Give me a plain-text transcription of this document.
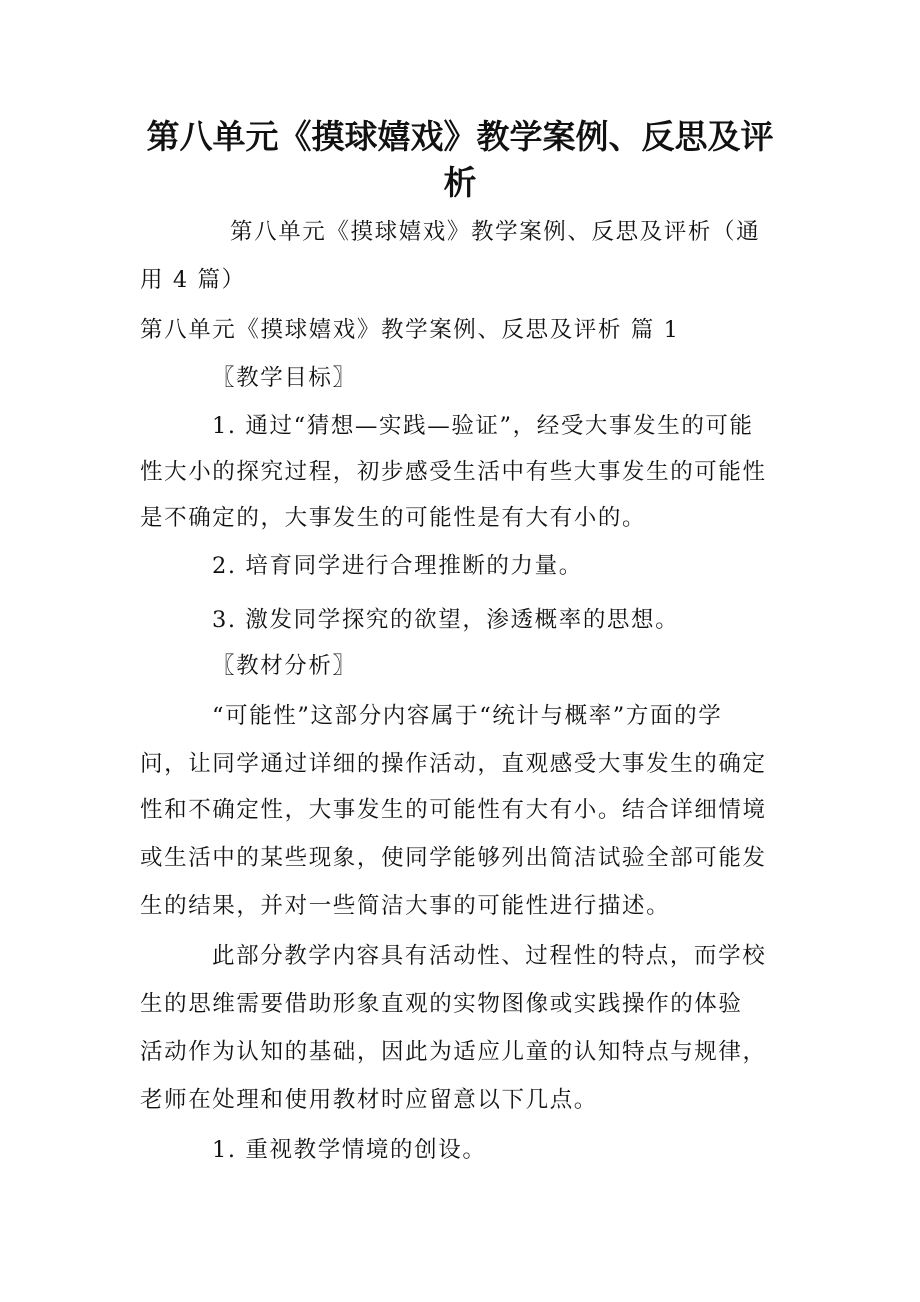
第八单元《摸球嬉戏》教学案例、反思及评
析
第八单元《摸球嬉戏》教学案例、反思及评析（通
用 4 篇）
第八单元《摸球嬉戏》教学案例、反思及评析 篇 1
〖教学目标〗
1. 通过“猜想—实践—验证”，经受大事发生的可能
性大小的探究过程，初步感受生活中有些大事发生的可能性
是不确定的，大事发生的可能性是有大有小的。
2. 培育同学进行合理推断的力量。
3. 激发同学探究的欲望，渗透概率的思想。
〖教材分析〗
“可能性”这部分内容属于“统计与概率”方面的学
问，让同学通过详细的操作活动，直观感受大事发生的确定
性和不确定性，大事发生的可能性有大有小。结合详细情境
或生活中的某些现象，使同学能够列出简洁试验全部可能发
生的结果，并对一些简洁大事的可能性进行描述。
此部分教学内容具有活动性、过程性的特点，而学校
生的思维需要借助形象直观的实物图像或实践操作的体验
活动作为认知的基础，因此为适应儿童的认知特点与规律，
老师在处理和使用教材时应留意以下几点。
1. 重视教学情境的创设。
